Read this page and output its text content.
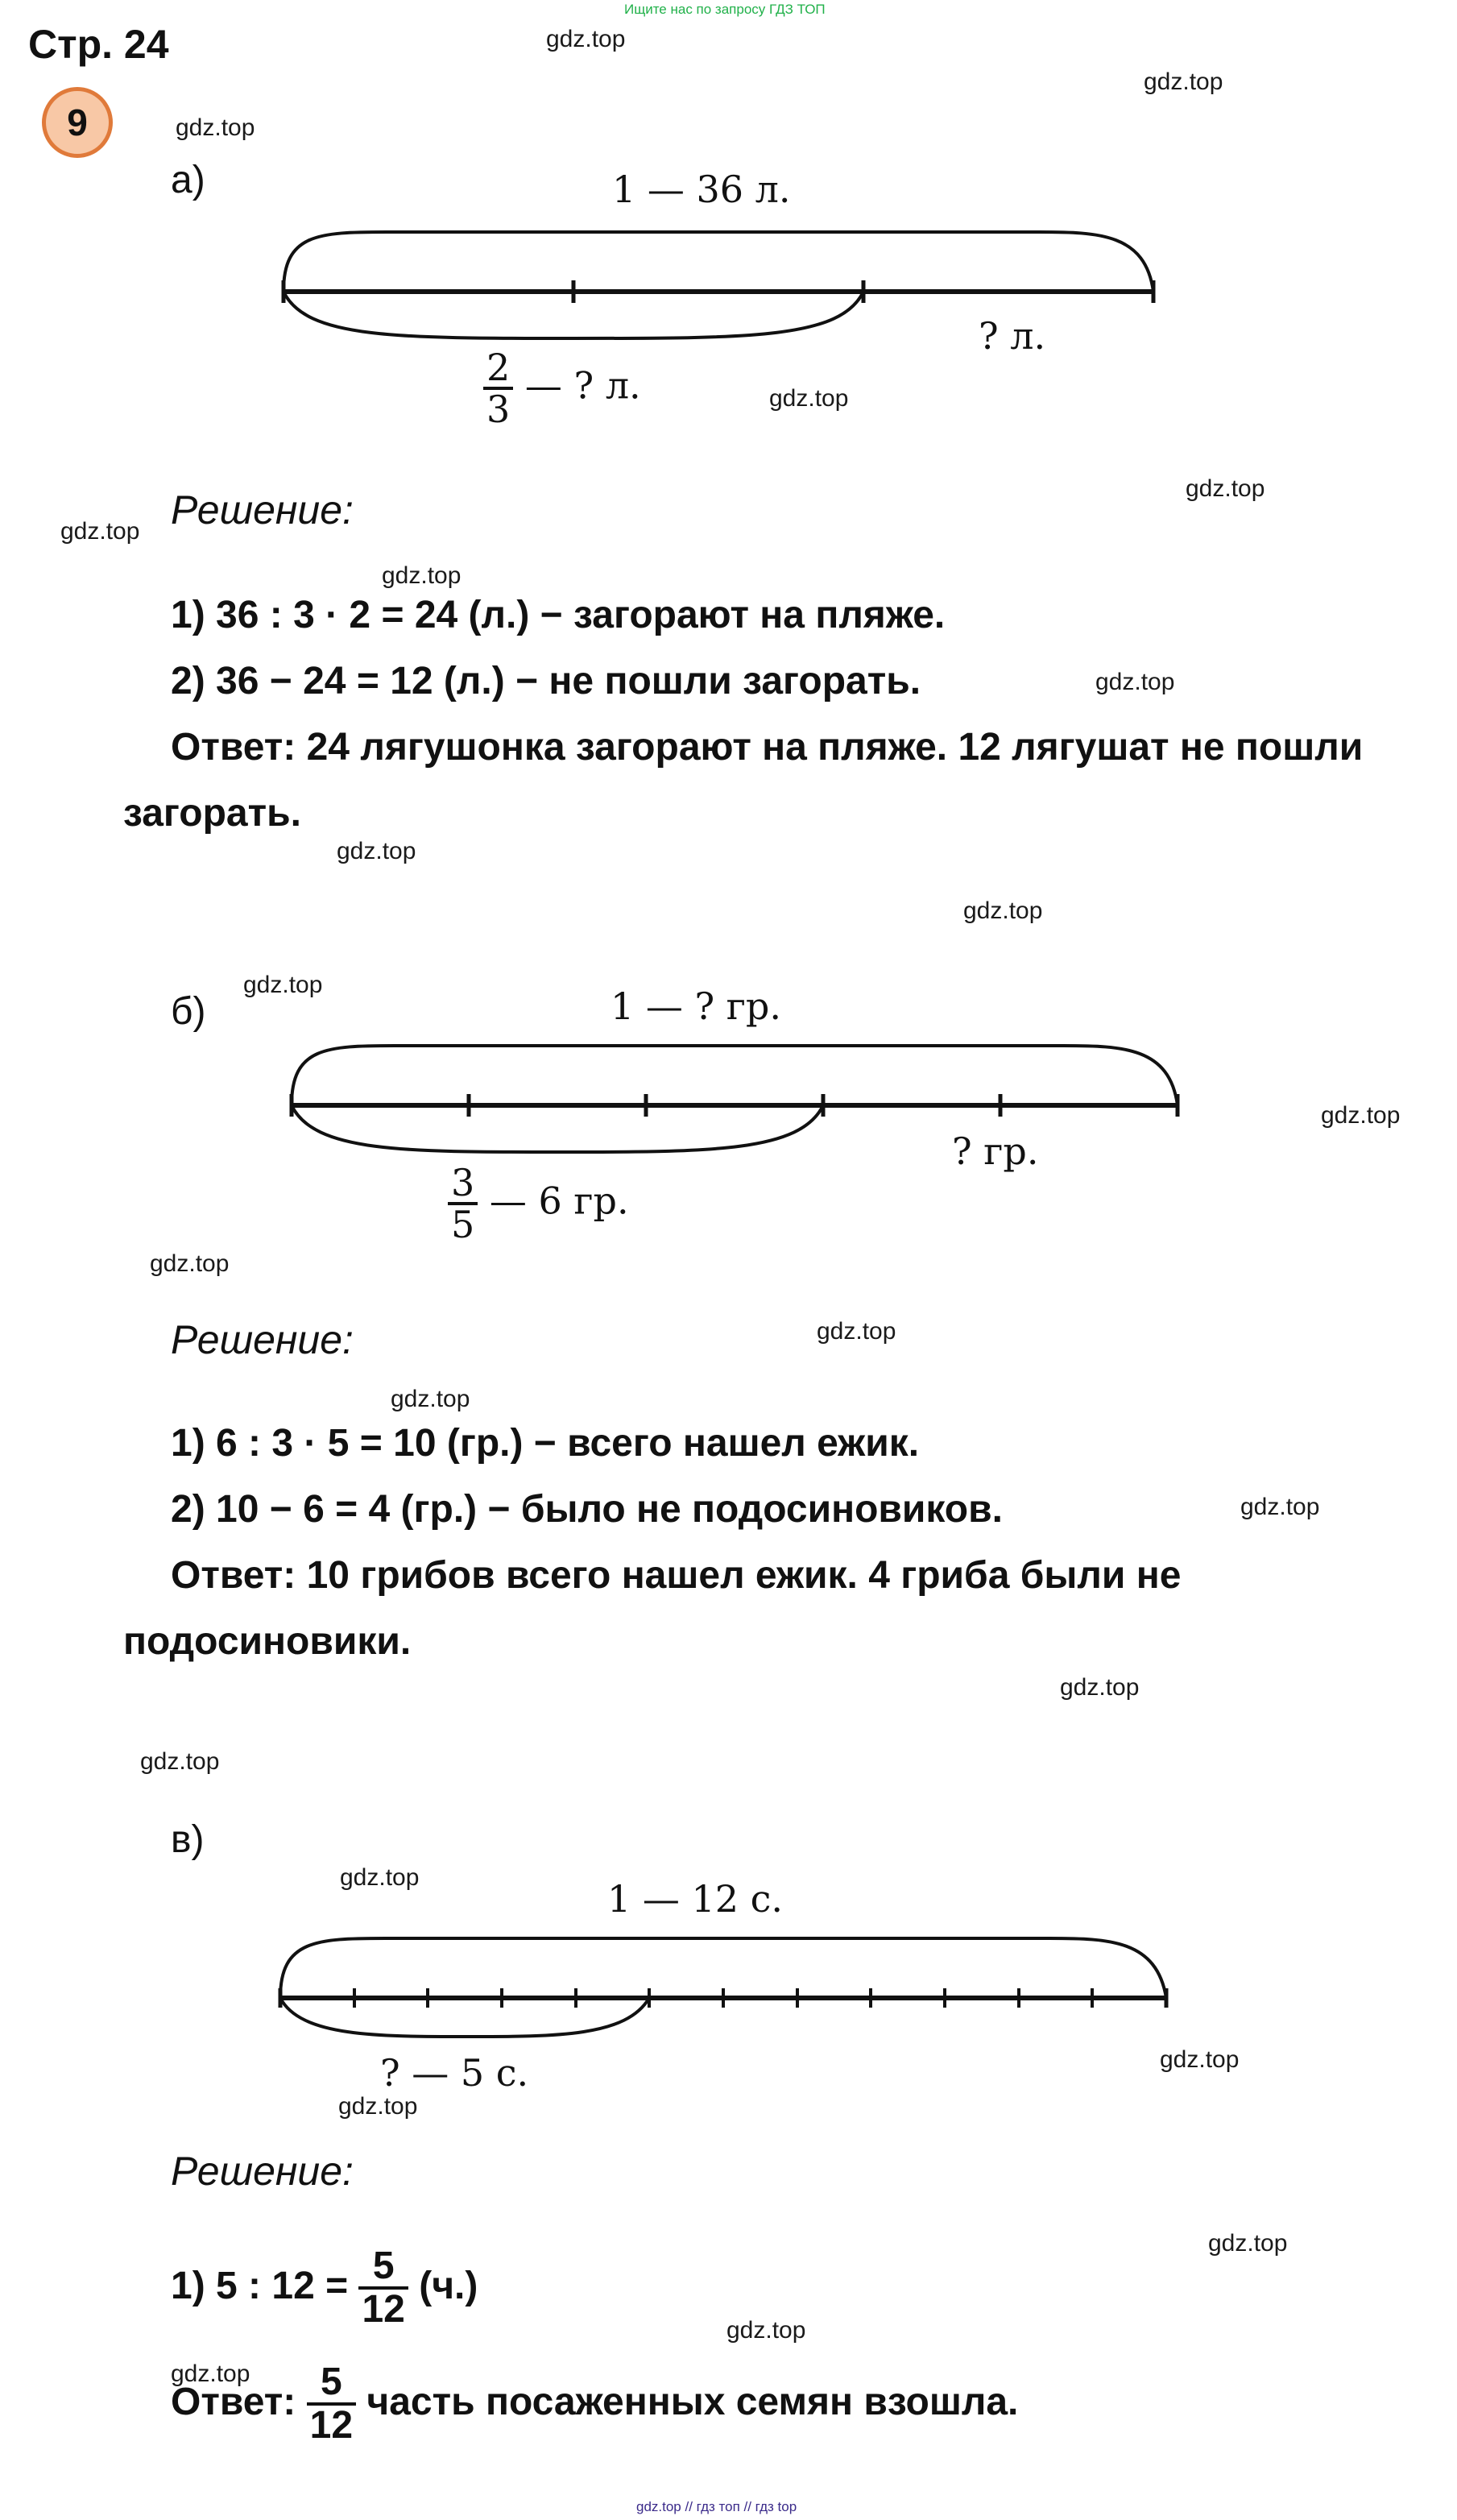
Ищите нас по запросу ГДЗ ТОП
Стр. 24
9
gdz.top
gdz.top
gdz.top
gdz.top
gdz.top
gdz.top
gdz.top
gdz.top
gdz.top
gdz.top
gdz.top
gdz.top
gdz.top
gdz.top
gdz.top
gdz.top
gdz.top
gdz.top
gdz.top
gdz.top
gdz.top
gdz.top
gdz.top
gdz.top
а)	1 — 36 л.
? л.
$\frac{2}{3}$ — ? л.
Решение:
1) 36 : 3 · 2 = 24 (л.) − загорают на пляже.
2) 36 − 24 = 12 (л.) − не пошли загорать.
Ответ: 24 лягушонка загорают на пляже. 12 лягушат не пошли
загорать.
б)	1 — ? гр.
? гр.
$\frac{3}{5}$ — 6 гр.
Решение:
1) 6 : 3 · 5 = 10 (гр.) − всего нашел ежик.
2) 10 − 6 = 4 (гр.) − было не подосиновиков.
Ответ: 10 грибов всего нашел ежик. 4 гриба были не
подосиновики.
в)
1 — 12 с.
? — 5 с.
Решение:
1) 5 : $12 = \frac{5}{12} (ч.)$
Ответ: $\frac{5}{12}$ часть посаженных семян взошла.
gdz.top // гдз топ // гдз top
